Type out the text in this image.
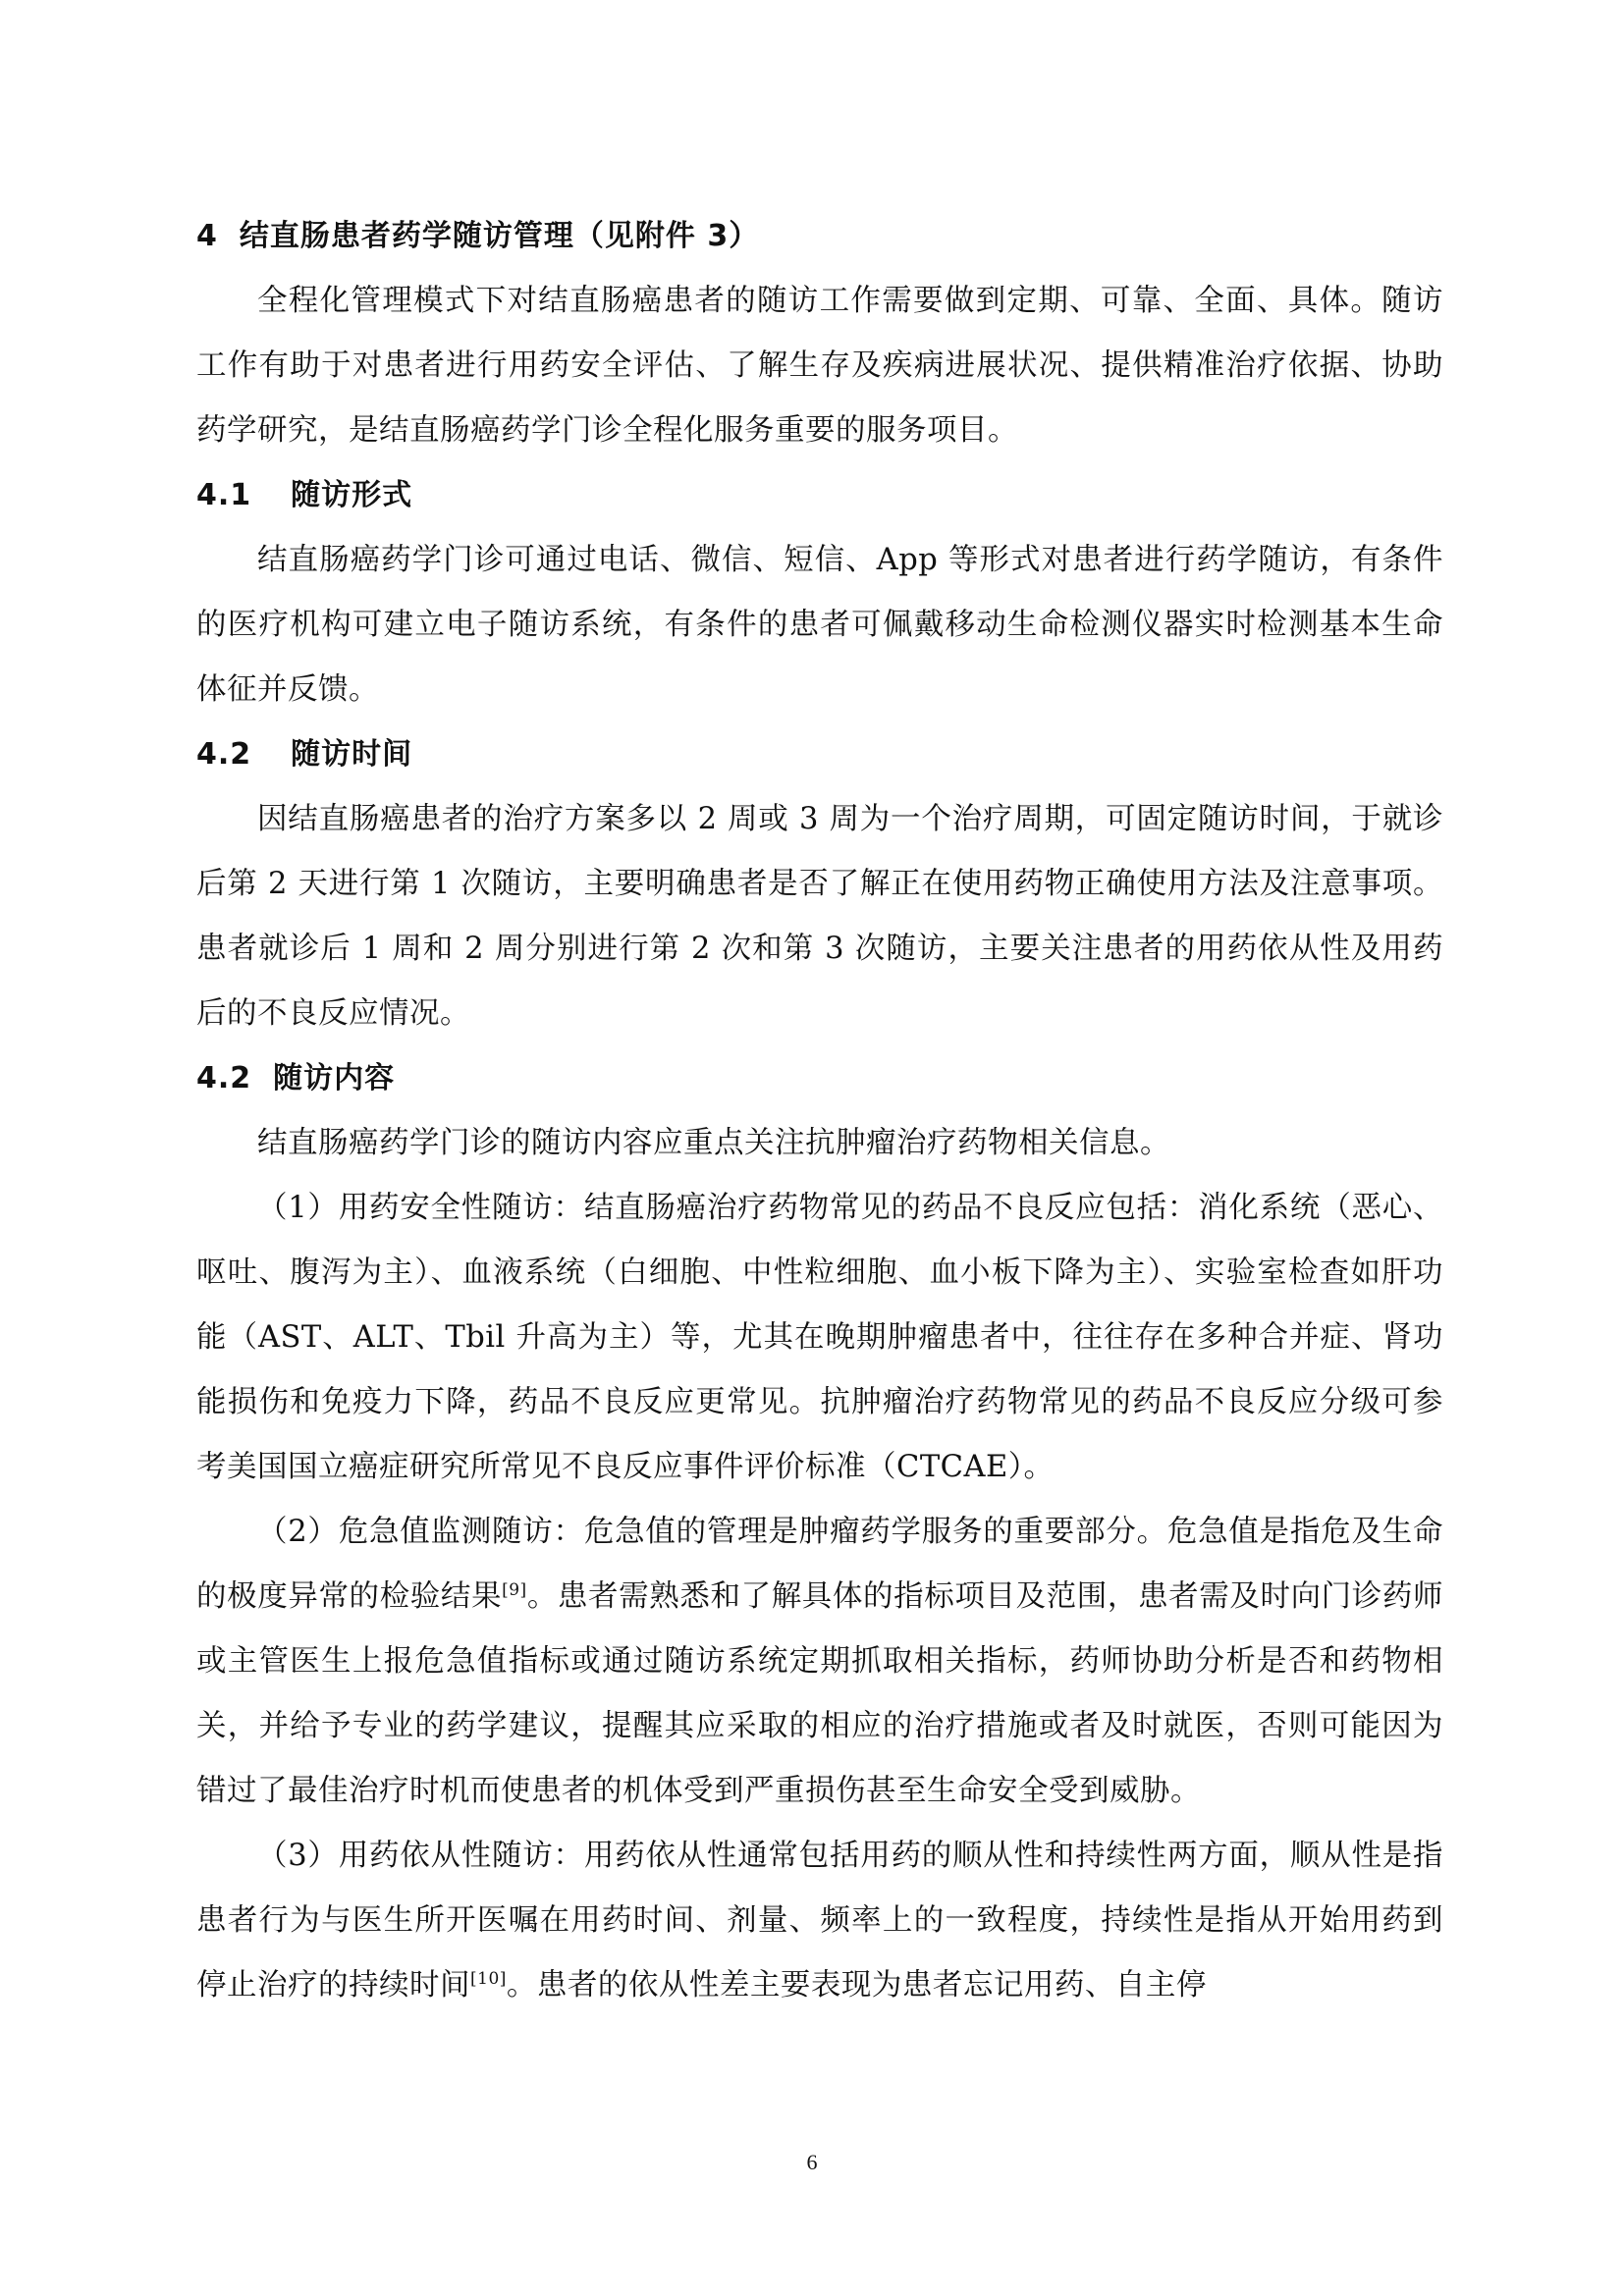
4 结直肠患者药学随访管理（见附件 3）

全程化管理模式下对结直肠癌患者的随访工作需要做到定期、可靠、全面、具体。随访工作有助于对患者进行用药安全评估、了解生存及疾病进展状况、提供精准治疗依据、协助药学研究，是结直肠癌药学门诊全程化服务重要的服务项目。

4.1 随访形式

结直肠癌药学门诊可通过电话、微信、短信、App 等形式对患者进行药学随访，有条件的医疗机构可建立电子随访系统，有条件的患者可佩戴移动生命检测仪器实时检测基本生命体征并反馈。

4.2 随访时间

因结直肠癌患者的治疗方案多以 2 周或 3 周为一个治疗周期，可固定随访时间，于就诊后第 2 天进行第 1 次随访，主要明确患者是否了解正在使用药物正确使用方法及注意事项。患者就诊后 1 周和 2 周分别进行第 2 次和第 3 次随访，主要关注患者的用药依从性及用药后的不良反应情况。

4.2 随访内容

结直肠癌药学门诊的随访内容应重点关注抗肿瘤治疗药物相关信息。

（1）用药安全性随访：结直肠癌治疗药物常见的药品不良反应包括：消化系统（恶心、呕吐、腹泻为主）、血液系统（白细胞、中性粒细胞、血小板下降为主）、实验室检查如肝功能（AST、ALT、Tbil 升高为主）等，尤其在晚期肿瘤患者中，往往存在多种合并症、肾功能损伤和免疫力下降，药品不良反应更常见。抗肿瘤治疗药物常见的药品不良反应分级可参考美国国立癌症研究所常见不良反应事件评价标准（CTCAE）。

（2）危急值监测随访：危急值的管理是肿瘤药学服务的重要部分。危急值是指危及生命的极度异常的检验结果[9]。患者需熟悉和了解具体的指标项目及范围，患者需及时向门诊药师或主管医生上报危急值指标或通过随访系统定期抓取相关指标，药师协助分析是否和药物相关，并给予专业的药学建议，提醒其应采取的相应的治疗措施或者及时就医，否则可能因为错过了最佳治疗时机而使患者的机体受到严重损伤甚至生命安全受到威胁。

（3）用药依从性随访：用药依从性通常包括用药的顺从性和持续性两方面，顺从性是指患者行为与医生所开医嘱在用药时间、剂量、频率上的一致程度，持续性是指从开始用药到停止治疗的持续时间[10]。患者的依从性差主要表现为患者忘记用药、自主停

6
